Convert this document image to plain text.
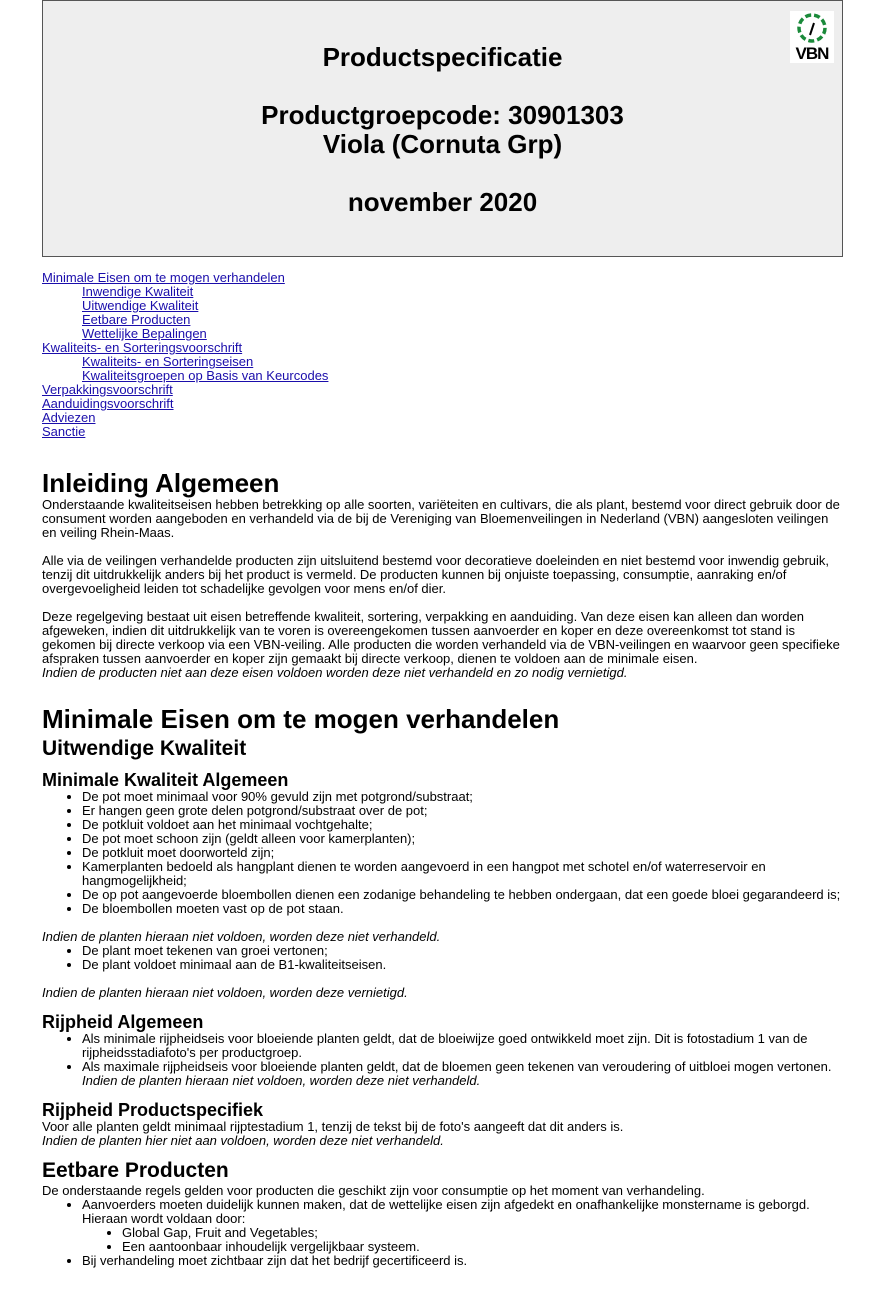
Productspecificatie
Productgroepcode: 30901303
Viola (Cornuta Grp)
november 2020
VBN
Minimale Eisen om te mogen verhandelen
Inwendige Kwaliteit
Uitwendige Kwaliteit
Eetbare Producten
Wettelijke Bepalingen
Kwaliteits- en Sorteringsvoorschrift
Kwaliteits- en Sorteringseisen
Kwaliteitsgroepen op Basis van Keurcodes
Verpakkingsvoorschrift
Aanduidingsvoorschrift
Adviezen
Sanctie
Inleiding Algemeen

Onderstaande kwaliteitseisen hebben betrekking op alle soorten, variëteiten en cultivars, die als plant, bestemd voor direct gebruik door de consument worden aangeboden en verhandeld via de bij de Vereniging van Bloemenveilingen in Nederland (VBN) aangesloten veilingen en veiling Rhein-Maas.

Alle via de veilingen verhandelde producten zijn uitsluitend bestemd voor decoratieve doeleinden en niet bestemd voor inwendig gebruik, tenzij dit uitdrukkelijk anders bij het product is vermeld. De producten kunnen bij onjuiste toepassing, consumptie, aanraking en/of overgevoeligheid leiden tot schadelijke gevolgen voor mens en/of dier.

Deze regelgeving bestaat uit eisen betreffende kwaliteit, sortering, verpakking en aanduiding. Van deze eisen kan alleen dan worden afgeweken, indien dit uitdrukkelijk van te voren is overeengekomen tussen aanvoerder en koper en deze overeenkomst tot stand is gekomen bij directe verkoop via een VBN-veiling. Alle producten die worden verhandeld via de VBN-veilingen en waarvoor geen specifieke afspraken tussen aanvoerder en koper zijn gemaakt bij directe verkoop, dienen te voldoen aan de minimale eisen.

Indien de producten niet aan deze eisen voldoen worden deze niet verhandeld en zo nodig vernietigd.

Minimale Eisen om te mogen verhandelen
Uitwendige Kwaliteit
Minimale Kwaliteit Algemeen
• De pot moet minimaal voor 90% gevuld zijn met potgrond/substraat;
• Er hangen geen grote delen potgrond/substraat over de pot;
• De potkluit voldoet aan het minimaal vochtgehalte;
• De pot moet schoon zijn (geldt alleen voor kamerplanten);
• De potkluit moet doorworteld zijn;
• Kamerplanten bedoeld als hangplant dienen te worden aangevoerd in een hangpot met schotel en/of waterreservoir en hangmogelijkheid;
• De op pot aangevoerde bloembollen dienen een zodanige behandeling te hebben ondergaan, dat een goede bloei gegarandeerd is;
• De bloembollen moeten vast op de pot staan.

Indien de planten hieraan niet voldoen, worden deze niet verhandeld.

• De plant moet tekenen van groei vertonen;
• De plant voldoet minimaal aan de B1-kwaliteitseisen.

Indien de planten hieraan niet voldoen, worden deze vernietigd.

Rijpheid Algemeen
• Als minimale rijpheidseis voor bloeiende planten geldt, dat de bloeiwijze goed ontwikkeld moet zijn. Dit is fotostadium 1 van de rijpheidsstadiafoto's per productgroep.
• Als maximale rijpheidseis voor bloeiende planten geldt, dat de bloemen geen tekenen van veroudering of uitbloei mogen vertonen.
Indien de planten hieraan niet voldoen, worden deze niet verhandeld.
Rijpheid Productspecifiek

Voor alle planten geldt minimaal rijptestadium 1, tenzij de tekst bij de foto's aangeeft dat dit anders is.

Indien de planten hier niet aan voldoen, worden deze niet verhandeld.

Eetbare Producten

De onderstaande regels gelden voor producten die geschikt zijn voor consumptie op het moment van verhandeling.

• Aanvoerders moeten duidelijk kunnen maken, dat de wettelijke eisen zijn afgedekt en onafhankelijke monstername is geborgd.
Hieraan wordt voldaan door:
• Global Gap, Fruit and Vegetables;
• Een aantoonbaar inhoudelijk vergelijkbaar systeem.
• Bij verhandeling moet zichtbaar zijn dat het bedrijf gecertificeerd is.
